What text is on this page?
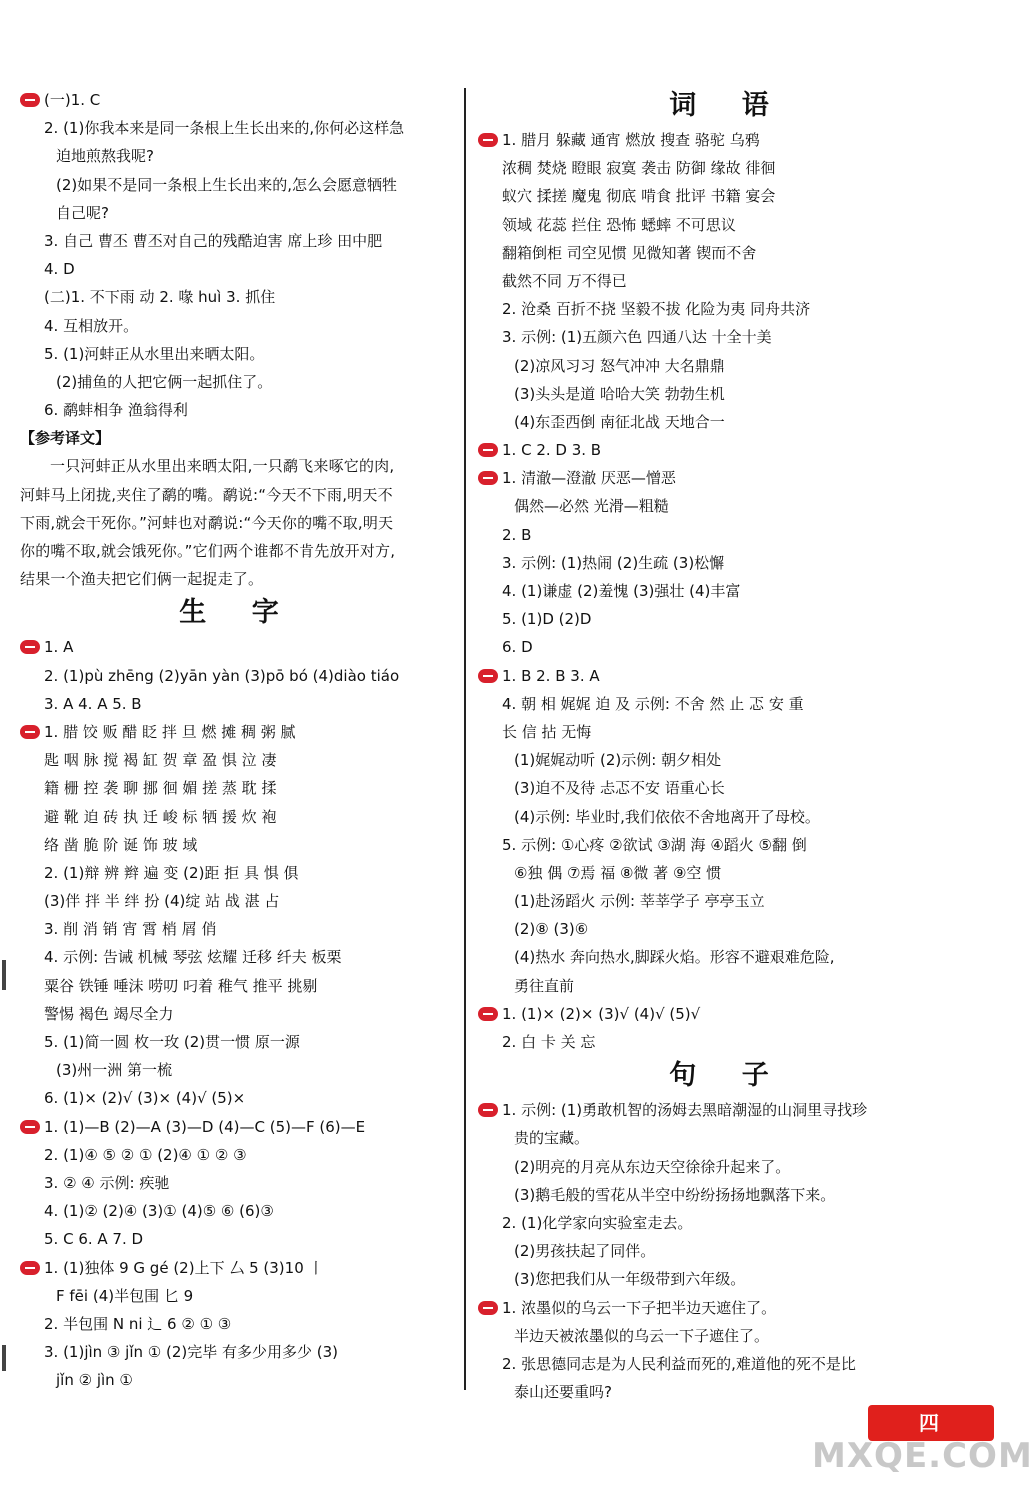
(一)1. C
2. (1)你我本来是同一条根上生长出来的,你何必这样急
迫地煎熬我呢?
(2)如果不是同一条根上生长出来的,怎么会愿意牺牲
自己呢?
3. 自己 曹丕 曹丕对自己的残酷迫害 席上珍 田中肥
4. D
(二)1. 不下雨 动 2. 喙 huì 3. 抓住
4. 互相放开。
5. (1)河蚌正从水里出来晒太阳。
(2)捕鱼的人把它俩一起抓住了。
6. 鹬蚌相争 渔翁得利
【参考译文】
一只河蚌正从水里出来晒太阳,一只鹬飞来啄它的肉,
河蚌马上闭拢,夹住了鹬的嘴。鹬说:“今天不下雨,明天不
下雨,就会干死你。”河蚌也对鹬说:“今天你的嘴不取,明天
你的嘴不取,就会饿死你。”它们两个谁都不肯先放开对方,
结果一个渔夫把它们俩一起捉走了。
生 字
1. A
2. (1)pù zhēng (2)yān yàn (3)pō bó (4)diào tiáo
3. A 4. A 5. B
1. 腊 饺 贩 醋 眨 拌 旦 燃 摊 稠 粥 腻
匙 咽 脉 搅 褐 缸 贺 章 盈 惧 泣 凄
籍 栅 控 袭 聊 挪 徊 媚 搓 蒸 耽 揉
避 靴 迫 砖 执 迁 峻 标 牺 援 炊 袍
络 凿 脆 阶 诞 饰 玻 域
2. (1)辩 辨 辫 遍 变 (2)距 拒 具 惧 俱
(3)伴 拌 半 绊 扮 (4)绽 站 战 湛 占
3. 削 消 销 宵 霄 梢 屑 俏
4. 示例: 告诫 机械 琴弦 炫耀 迁移 纤夫 板栗
粟谷 铁锤 唾沫 唠叨 叼着 稚气 推平 挑剔
警惕 褐色 竭尽全力
5. (1)简一圆 枚一玫 (2)贯一惯 原一源
(3)州一洲 第一梳
6. (1)× (2)√ (3)× (4)√ (5)×
1. (1)—B (2)—A (3)—D (4)—C (5)—F (6)—E
2. (1)④ ⑤ ② ① (2)④ ① ② ③
3. ② ④ 示例: 疾驰
4. (1)② (2)④ (3)① (4)⑤ ⑥ (6)③
5. C 6. A 7. D
1. (1)独体 9 G gé (2)上下 厶 5 (3)10 丨
F fēi (4)半包围 匕 9
2. 半包围 N ni 辶 6 ② ① ③
3. (1)jìn ③ jǐn ① (2)完毕 有多少用多少 (3)
jǐn ② jìn ①
词 语
1. 腊月 躲藏 通宵 燃放 搜查 骆驼 乌鸦
浓稠 焚烧 瞪眼 寂寞 袭击 防御 缘故 徘徊
蚁穴 揉搓 魔鬼 彻底 啃食 批评 书籍 宴会
领域 花蕊 拦住 恐怖 蟋蟀 不可思议
翻箱倒柜 司空见惯 见微知著 锲而不舍
截然不同 万不得已
2. 沧桑 百折不挠 坚毅不拔 化险为夷 同舟共济
3. 示例: (1)五颜六色 四通八达 十全十美
(2)凉风习习 怒气冲冲 大名鼎鼎
(3)头头是道 哈哈大笑 勃勃生机
(4)东歪西倒 南征北战 天地合一
1. C 2. D 3. B
1. 清澈—澄澈 厌恶—憎恶
偶然—必然 光滑—粗糙
2. B
3. 示例: (1)热闹 (2)生疏 (3)松懈
4. (1)谦虚 (2)羞愧 (3)强壮 (4)丰富
5. (1)D (2)D
6. D
1. B 2. B 3. A
4. 朝 相 娓娓 迫 及 示例: 不舍 然 止 忑 安 重
长 信 拈 无悔
(1)娓娓动听 (2)示例: 朝夕相处
(3)迫不及待 忐忑不安 语重心长
(4)示例: 毕业时,我们依依不舍地离开了母校。
5. 示例: ①心疼 ②欲试 ③湖 海 ④蹈火 ⑤翻 倒
⑥独 偶 ⑦焉 福 ⑧微 著 ⑨空 惯
(1)赴汤蹈火 示例: 莘莘学子 亭亭玉立
(2)⑧ (3)⑥
(4)热水 奔向热水,脚踩火焰。形容不避艰难危险,
勇往直前
1. (1)× (2)× (3)√ (4)√ (5)√
2. 白 卡 关 忘
句 子
1. 示例: (1)勇敢机智的汤姆去黑暗潮湿的山洞里寻找珍
贵的宝藏。
(2)明亮的月亮从东边天空徐徐升起来了。
(3)鹅毛般的雪花从半空中纷纷扬扬地飘落下来。
2. (1)化学家向实验室走去。
(2)男孩扶起了同伴。
(3)您把我们从一年级带到六年级。
1. 浓墨似的乌云一下子把半边天遮住了。
半边天被浓墨似的乌云一下子遮住了。
2. 张思德同志是为人民利益而死的,难道他的死不是比
泰山还要重吗?
四
MXQE.COM
